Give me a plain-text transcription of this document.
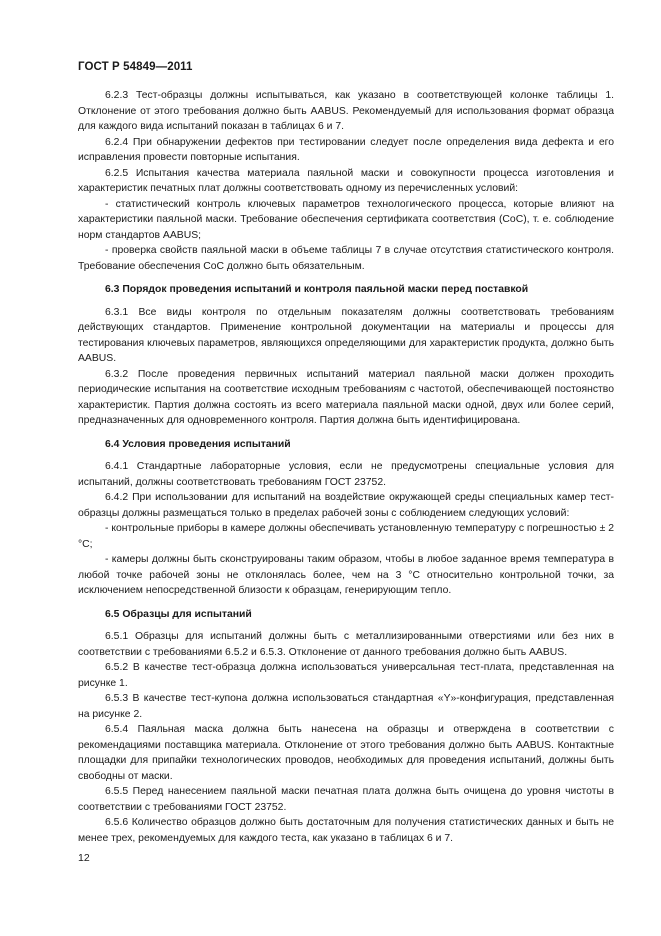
ГОСТ Р 54849—2011

6.2.3 Тест-образцы должны испытываться, как указано в соответствующей колонке таблицы 1. Отклонение от этого требования должно быть AABUS. Рекомендуемый для использования формат образца для каждого вида испытаний показан в таблицах 6 и 7.

6.2.4 При обнаружении дефектов при тестировании следует после определения вида дефекта и его исправления провести повторные испытания.

6.2.5 Испытания качества материала паяльной маски и совокупности процесса изготовления и характеристик печатных плат должны соответствовать одному из перечисленных условий:

- статистический контроль ключевых параметров технологического процесса, которые влияют на характеристики паяльной маски. Требование обеспечения сертификата соответствия (CoC), т. е. соблюдение норм стандартов AABUS;

- проверка свойств паяльной маски в объеме таблицы 7 в случае отсутствия статистического контроля. Требование обеспечения CoC должно быть обязательным.

6.3 Порядок проведения испытаний и контроля паяльной маски перед поставкой

6.3.1 Все виды контроля по отдельным показателям должны соответствовать требованиям действующих стандартов. Применение контрольной документации на материалы и процессы для тестирования ключевых параметров, являющихся определяющими для характеристик продукта, должно быть AABUS.

6.3.2 После проведения первичных испытаний материал паяльной маски должен проходить периодические испытания на соответствие исходным требованиям с частотой, обеспечивающей постоянство характеристик. Партия должна состоять из всего материала паяльной маски одной, двух или более серий, предназначенных для одновременного контроля. Партия должна быть идентифицирована.

6.4 Условия проведения испытаний

6.4.1 Стандартные лабораторные условия, если не предусмотрены специальные условия для испытаний, должны соответствовать требованиям ГОСТ 23752.

6.4.2 При использовании для испытаний на воздействие окружающей среды специальных камер тест-образцы должны размещаться только в пределах рабочей зоны с соблюдением следующих условий:

- контрольные приборы в камере должны обеспечивать установленную температуру с погрешностью ± 2 °С;

- камеры должны быть сконструированы таким образом, чтобы в любое заданное время температура в любой точке рабочей зоны не отклонялась более, чем на 3 °С относительно контрольной точки, за исключением непосредственной близости к образцам, генерирующим тепло.

6.5 Образцы для испытаний

6.5.1 Образцы для испытаний должны быть с металлизированными отверстиями или без них в соответствии с требованиями 6.5.2 и 6.5.3. Отклонение от данного требования должно быть AABUS.

6.5.2 В качестве тест-образца должна использоваться универсальная тест-плата, представленная на рисунке 1.

6.5.3 В качестве тест-купона должна использоваться стандартная «Y»-конфигурация, представленная на рисунке 2.

6.5.4 Паяльная маска должна быть нанесена на образцы и отверждена в соответствии с рекомендациями поставщика материала. Отклонение от этого требования должно быть AABUS. Контактные площадки для припайки технологических проводов, необходимых для проведения испытаний, должны быть свободны от маски.

6.5.5 Перед нанесением паяльной маски печатная плата должна быть очищена до уровня чистоты в соответствии с требованиями ГОСТ 23752.

6.5.6 Количество образцов должно быть достаточным для получения статистических данных и быть не менее трех, рекомендуемых для каждого теста, как указано в таблицах 6 и 7.

12
